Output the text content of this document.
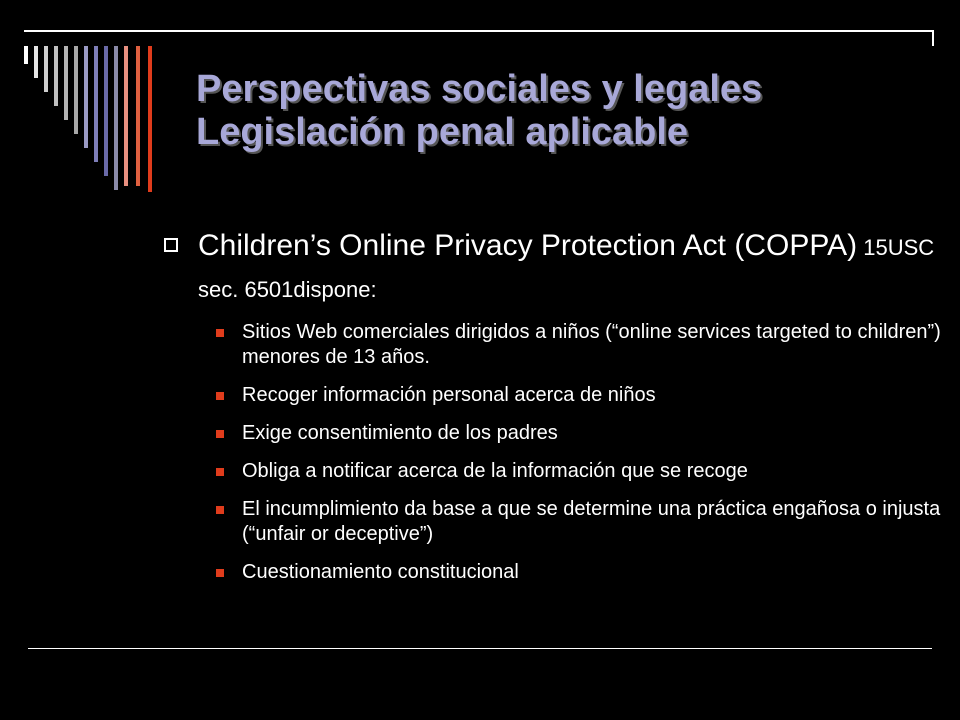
Perspectivas sociales y legales
Legislación penal aplicable
Children’s Online Privacy Protection Act (COPPA) 15USC sec. 6501dispone:
Sitios Web comerciales dirigidos a niños (“online services targeted to children”) menores de 13 años.
Recoger información personal acerca de niños
Exige consentimiento de los padres
Obliga a notificar acerca de la información que se recoge
El incumplimiento da base a que se determine una práctica engañosa o injusta (“unfair or deceptive”)
Cuestionamiento constitucional
